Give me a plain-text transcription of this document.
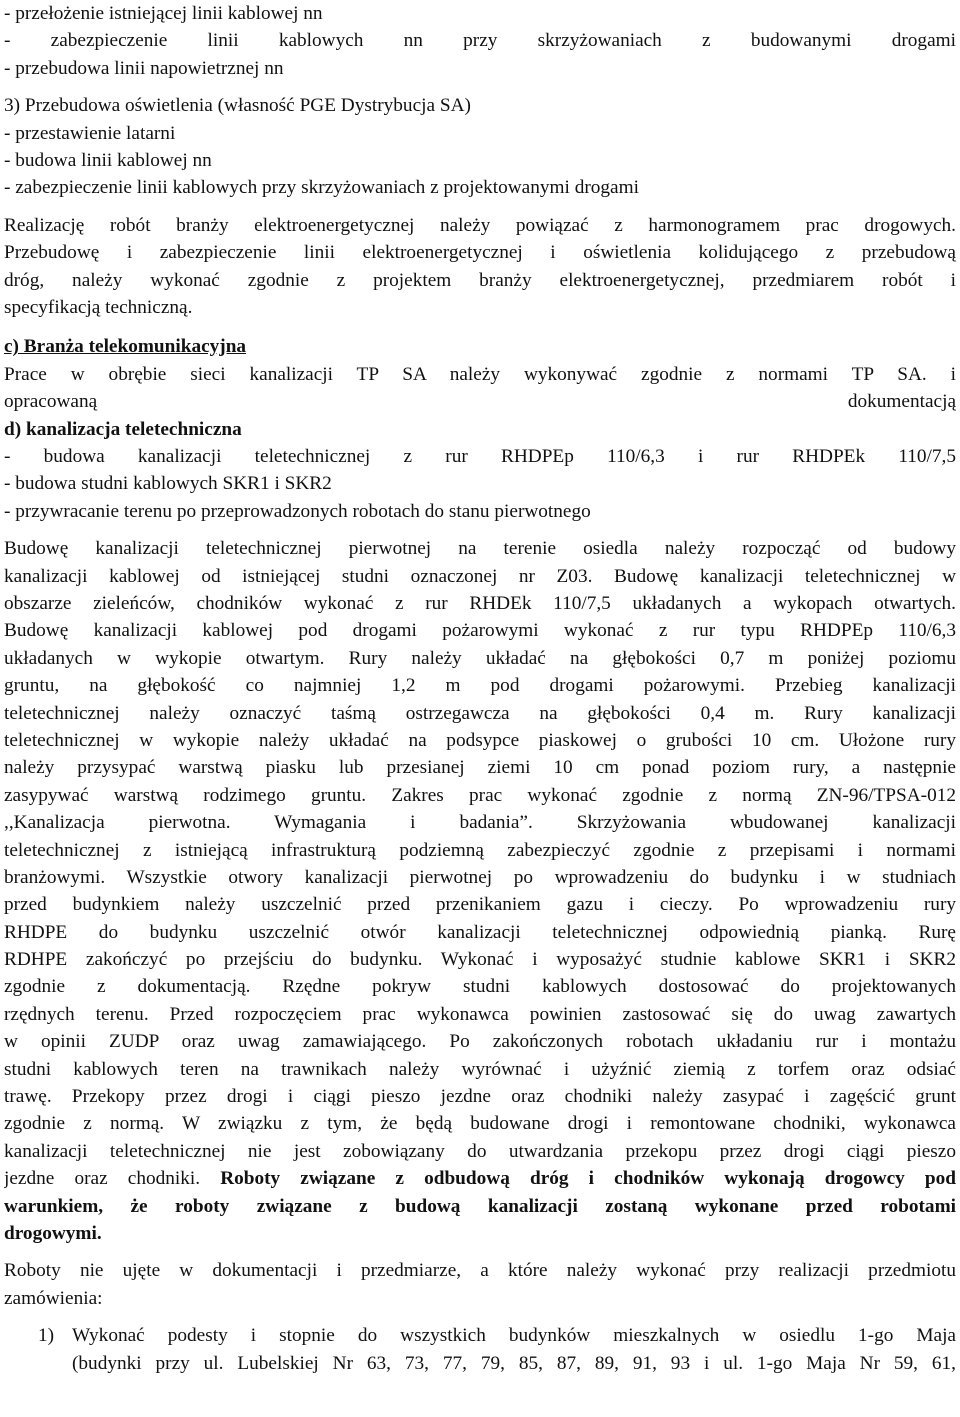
- przełożenie istniejącej linii kablowej nn
- zabezpieczenie linii kablowych nn przy skrzyżowaniach z budowanymi drogami
- przebudowa linii napowietrznej nn
3) Przebudowa oświetlenia (własność PGE Dystrybucja SA)
- przestawienie latarni
- budowa linii kablowej nn
- zabezpieczenie linii kablowych przy skrzyżowaniach z projektowanymi drogami
Realizację robót branży elektroenergetycznej należy powiązać z harmonogramem prac drogowych.
Przebudowę i zabezpieczenie linii elektroenergetycznej i oświetlenia kolidującego z przebudową
dróg, należy wykonać zgodnie z projektem branży elektroenergetycznej, przedmiarem robót i
specyfikacją techniczną.
c) Branża telekomunikacyjna
Prace w obrębie sieci kanalizacji TP SA należy wykonywać zgodnie z normami TP SA. i
opracowaną dokumentacją
d) kanalizacja teletechniczna
- budowa kanalizacji teletechnicznej z rur RHDPEp 110/6,3 i rur RHDPEk 110/7,5
- budowa studni kablowych SKR1 i SKR2
- przywracanie terenu po przeprowadzonych robotach do stanu pierwotnego
Budowę kanalizacji teletechnicznej pierwotnej na terenie osiedla należy rozpocząć od budowy
kanalizacji kablowej od istniejącej studni oznaczonej nr Z03. Budowę kanalizacji teletechnicznej w
obszarze zieleńców, chodników wykonać z rur RHDEk 110/7,5 układanych a wykopach otwartych.
Budowę kanalizacji kablowej pod drogami pożarowymi wykonać z rur typu RHDPEp 110/6,3
układanych w wykopie otwartym. Rury należy układać na głębokości 0,7 m poniżej poziomu
gruntu, na głębokość co najmniej 1,2 m pod drogami pożarowymi. Przebieg kanalizacji
teletechnicznej należy oznaczyć taśmą ostrzegawcza na głębokości 0,4 m. Rury kanalizacji
teletechnicznej w wykopie należy układać na podsypce piaskowej o grubości 10 cm. Ułożone rury
należy przysypać warstwą piasku lub przesianej ziemi 10 cm ponad poziom rury, a następnie
zasypywać warstwą rodzimego gruntu. Zakres prac wykonać zgodnie z normą ZN-96/TPSA-012
,,Kanalizacja pierwotna. Wymagania i badania”. Skrzyżowania wbudowanej kanalizacji
teletechnicznej z istniejącą infrastrukturą podziemną zabezpieczyć zgodnie z przepisami i normami
branżowymi. Wszystkie otwory kanalizacji pierwotnej po wprowadzeniu do budynku i w studniach
przed budynkiem należy uszczelnić przed przenikaniem gazu i cieczy. Po wprowadzeniu rury
RHDPE do budynku uszczelnić otwór kanalizacji teletechnicznej odpowiednią pianką. Rurę
RDHPE zakończyć po przejściu do budynku. Wykonać i wyposażyć studnie kablowe SKR1 i SKR2
zgodnie z dokumentacją. Rzędne pokryw studni kablowych dostosować do projektowanych
rzędnych terenu. Przed rozpoczęciem prac wykonawca powinien zastosować się do uwag zawartych
w opinii ZUDP oraz uwag zamawiającego. Po zakończonych robotach układaniu rur i montażu
studni kablowych teren na trawnikach należy wyrównać i użyźnić ziemią z torfem oraz odsiać
trawę. Przekopy przez drogi i ciągi pieszo jezdne oraz chodniki należy zasypać i zagęścić grunt
zgodnie z normą. W związku z tym, że będą budowane drogi i remontowane chodniki, wykonawca
kanalizacji teletechnicznej nie jest zobowiązany do utwardzania przekopu przez drogi ciągi pieszo
jezdne oraz chodniki. Roboty związane z odbudową dróg i chodników wykonają drogowcy pod
warunkiem, że roboty związane z budową kanalizacji zostaną wykonane przed robotami
drogowymi.
Roboty nie ujęte w dokumentacji i przedmiarze, a które należy wykonać przy realizacji przedmiotu
zamówienia:
1) Wykonać podesty i stopnie do wszystkich budynków mieszkalnych w osiedlu 1-go Maja
(budynki przy ul. Lubelskiej Nr 63, 73, 77, 79, 85, 87, 89, 91, 93 i ul. 1-go Maja Nr 59, 61,
